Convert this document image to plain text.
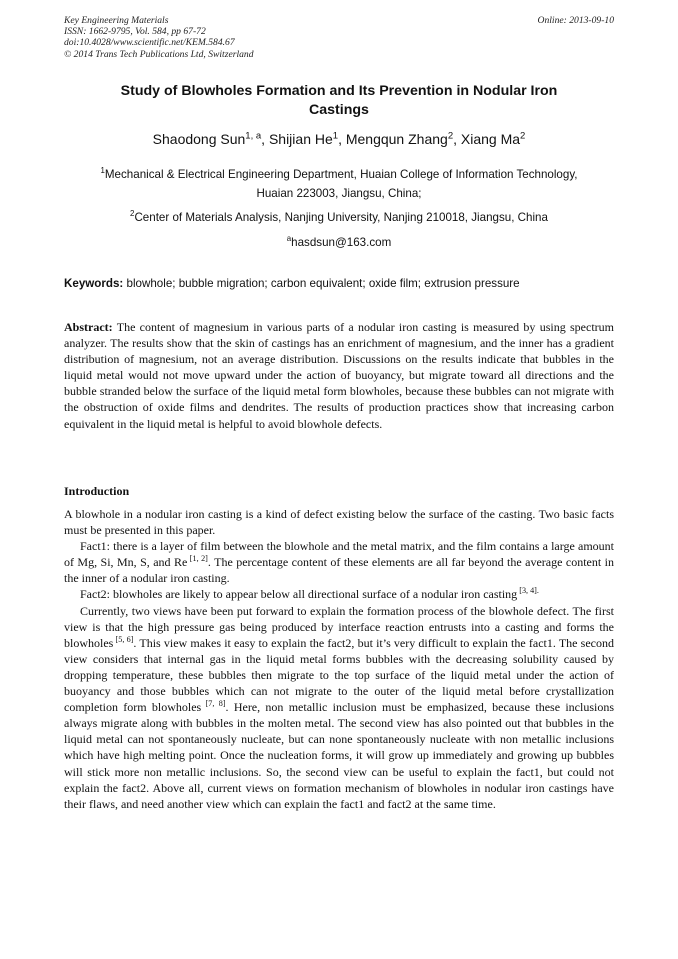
Key Engineering Materials
ISSN: 1662-9795, Vol. 584, pp 67-72
doi:10.4028/www.scientific.net/KEM.584.67
© 2014 Trans Tech Publications Ltd, Switzerland
Online: 2013-09-10
Study of Blowholes Formation and Its Prevention in Nodular Iron
Castings
Shaodong Sun$^{1, a}$, Shijian He$^1$, Mengqun Zhang$^2$, Xiang Ma$^2$
$^1$Mechanical & Electrical Engineering Department, Huaian College of Information Technology,
Huaian 223003, Jiangsu, China;
$^2$Center of Materials Analysis, Nanjing University, Nanjing 210018, Jiangsu, China
$^a$hasdsun@163.com
Keywords: blowhole; bubble migration; carbon equivalent; oxide film; extrusion pressure
Abstract: The content of magnesium in various parts of a nodular iron casting is measured by using spectrum analyzer. The results show that the skin of castings has an enrichment of magnesium, and the inner has a gradient distribution of magnesium, not an average distribution. Discussions on the results indicate that bubbles in the liquid metal would not move upward under the action of buoyancy, but migrate toward all directions and the bubble stranded below the surface of the liquid metal form blowholes, because these bubbles can not migrate with the obstruction of oxide films and dendrites. The results of production practices show that increasing carbon equivalent in the liquid metal is helpful to avoid blowhole defects.
Introduction

A blowhole in a nodular iron casting is a kind of defect existing below the surface of the casting. Two basic facts must be presented in this paper.

Fact1: there is a layer of film between the blowhole and the metal matrix, and the film contains a large amount of Mg, Si, Mn, S, and Re [1, 2]. The percentage content of these elements are all far beyond the average content in the inner of a nodular iron casting.

Fact2: blowholes are likely to appear below all directional surface of a nodular iron casting $^{[3, 4].}$

Currently, two views have been put forward to explain the formation process of the blowhole defect. The first view is that the high pressure gas being produced by interface reaction entrusts into a casting and forms the blowholes [5, 6]. This view makes it easy to explain the fact2, but it’s very difficult to explain the fact1. The second view considers that internal gas in the liquid metal forms bubbles with the decreasing solubility caused by dropping temperature, these bubbles then migrate to the top surface of the liquid metal under the action of buoyancy and those bubbles which can not migrate to the outer of the liquid metal before crystallization completion form blowholes [7, 8]. Here, non metallic inclusion must be emphasized, because these inclusions always migrate along with bubbles in the molten metal. The second view has also pointed out that bubbles in the liquid metal can not spontaneously nucleate, but can none spontaneously nucleate with non metallic inclusions which have high melting point. Once the nucleation forms, it will grow up immediately and growing up bubbles will stick more non metallic inclusions. So, the second view can be useful to explain the fact1, but could not explain the fact2. Above all, current views on formation mechanism of blowholes in nodular iron castings have their flaws, and need another view which can explain the fact1 and fact2 at the same time.
